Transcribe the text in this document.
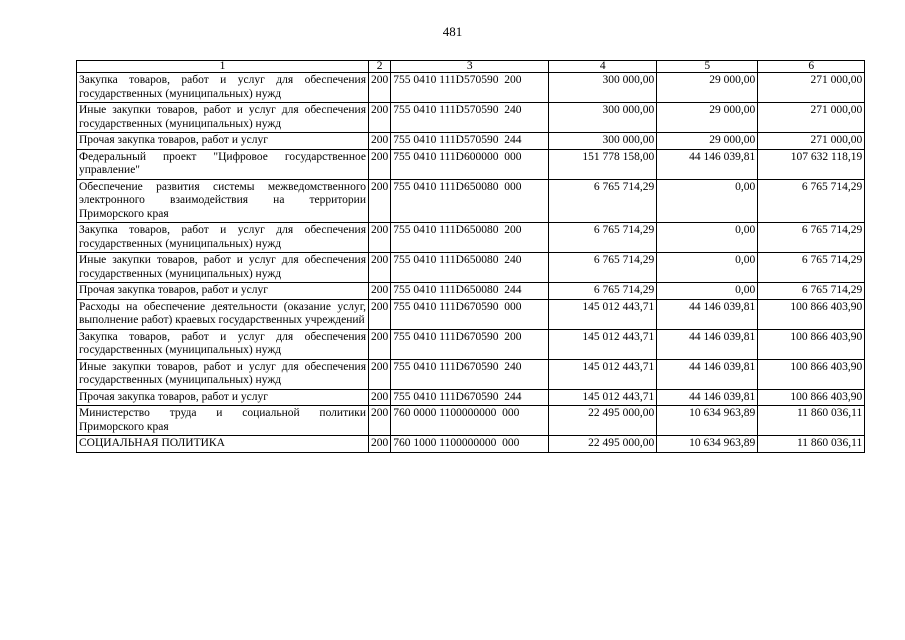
481
1	2	3	4	5	6
Закупка товаров, работ и услуг для обеспечения государственных (муниципальных) нужд	200	755 0410 111D570590  200	300 000,00	29 000,00	271 000,00
Иные закупки товаров, работ и услуг для обеспечения государственных (муниципальных) нужд	200	755 0410 111D570590  240	300 000,00	29 000,00	271 000,00
Прочая закупка товаров, работ и услуг	200	755 0410 111D570590  244	300 000,00	29 000,00	271 000,00
Федеральный проект "Цифровое государственное управление"	200	755 0410 111D600000  000	151 778 158,00	44 146 039,81	107 632 118,19
Обеспечение развития системы межведомственного электронного взаимодействия на территории Приморского края	200	755 0410 111D650080  000	6 765 714,29	0,00	6 765 714,29
Закупка товаров, работ и услуг для обеспечения государственных (муниципальных) нужд	200	755 0410 111D650080  200	6 765 714,29	0,00	6 765 714,29
Иные закупки товаров, работ и услуг для обеспечения государственных (муниципальных) нужд	200	755 0410 111D650080  240	6 765 714,29	0,00	6 765 714,29
Прочая закупка товаров, работ и услуг	200	755 0410 111D650080  244	6 765 714,29	0,00	6 765 714,29
Расходы на обеспечение деятельности (оказание услуг, выполнение работ) краевых государственных учреждений	200	755 0410 111D670590  000	145 012 443,71	44 146 039,81	100 866 403,90
Закупка товаров, работ и услуг для обеспечения государственных (муниципальных) нужд	200	755 0410 111D670590  200	145 012 443,71	44 146 039,81	100 866 403,90
Иные закупки товаров, работ и услуг для обеспечения государственных (муниципальных) нужд	200	755 0410 111D670590  240	145 012 443,71	44 146 039,81	100 866 403,90
Прочая закупка товаров, работ и услуг	200	755 0410 111D670590  244	145 012 443,71	44 146 039,81	100 866 403,90
Министерство труда и социальной политики Приморского края	200	760 0000 1100000000  000	22 495 000,00	10 634 963,89	11 860 036,11
СОЦИАЛЬНАЯ ПОЛИТИКА	200	760 1000 1100000000  000	22 495 000,00	10 634 963,89	11 860 036,11
